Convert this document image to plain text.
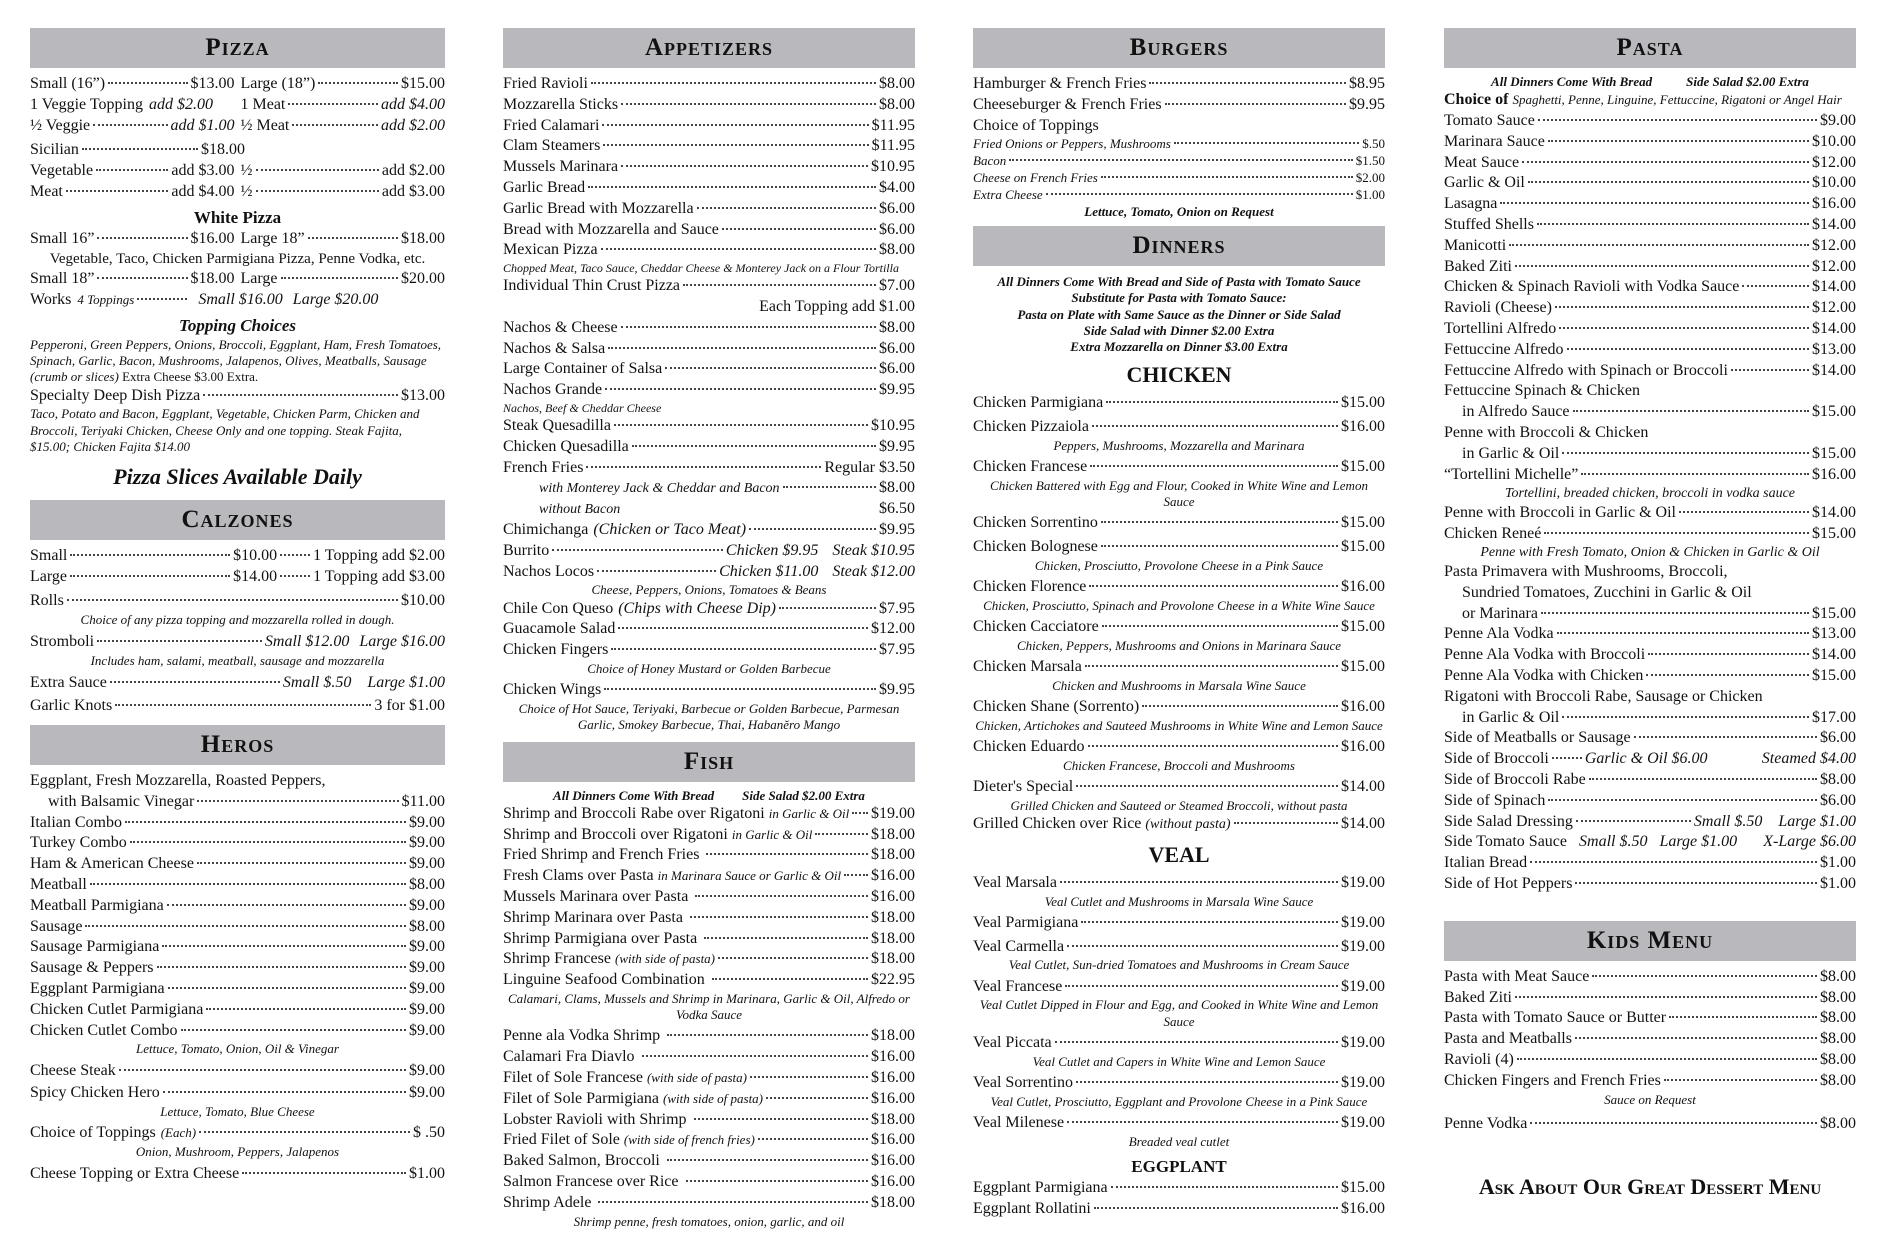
Pizza
Small (16”)	$13.00 Large (18”)	$15.00
1 Veggie Topping add $2.00 1 Meat	add $4.00
½ Veggie	add $1.00 ½ Meat	add $2.00
Sicilian	$18.00
Vegetable	add $3.00 ½	add $2.00
Meat	add $4.00 ½	add $3.00
White Pizza
Small 16”	$16.00 Large 18”	$18.00
Vegetable, Taco, Chicken Parmigiana Pizza, Penne Vodka, etc.
Small 18”	$18.00 Large	$20.00
Works 4 Toppings	Small $16.00 Large $20.00
Topping Choices
Pepperoni, Green Peppers, Onions, Broccoli, Eggplant, Ham, Fresh Tomatoes, Spinach, Garlic, Bacon, Mushrooms, Jalapenos, Olives, Meatballs, Sausage (crumb or slices) Extra Cheese $3.00 Extra.
Specialty Deep Dish Pizza	$13.00
Taco, Potato and Bacon, Eggplant, Vegetable, Chicken Parm, Chicken and Broccoli, Teriyaki Chicken, Cheese Only and one topping. Steak Fajita, $15.00; Chicken Fajita $14.00
Pizza Slices Available Daily
Calzones
Small	$10.00 1 Topping add $2.00
Large	$14.00 1 Topping add $3.00
Rolls	$10.00
Choice of any pizza topping and mozzarella rolled in dough.
Stromboli	Small $12.00 Large $16.00
Includes ham, salami, meatball, sausage and mozzarella
Extra Sauce	Small $.50 Large $1.00
Garlic Knots	3 for $1.00
Heros
Eggplant, Fresh Mozzarella, Roasted Peppers,
with Balsamic Vinegar	$11.00
Italian Combo	$9.00
Turkey Combo	$9.00
Ham & American Cheese	$9.00
Meatball	$8.00
Meatball Parmigiana	$9.00
Sausage	$8.00
Sausage Parmigiana	$9.00
Sausage & Peppers	$9.00
Eggplant Parmigiana	$9.00
Chicken Cutlet Parmigiana	$9.00
Chicken Cutlet Combo	$9.00
Lettuce, Tomato, Onion, Oil & Vinegar
Cheese Steak	$9.00
Spicy Chicken Hero	$9.00
Lettuce, Tomato, Blue Cheese
Choice of Toppings (Each)	$ .50
Onion, Mushroom, Peppers, Jalapenos
Cheese Topping or Extra Cheese	$1.00
Appetizers
Fried Ravioli	$8.00
Mozzarella Sticks	$8.00
Fried Calamari	$11.95
Clam Steamers	$11.95
Mussels Marinara	$10.95
Garlic Bread	$4.00
Garlic Bread with Mozzarella	$6.00
Bread with Mozzarella and Sauce	$6.00
Mexican Pizza	$8.00
Chopped Meat, Taco Sauce, Cheddar Cheese & Monterey Jack on a Flour Tortilla
Individual Thin Crust Pizza	$7.00
Each Topping add $1.00
Nachos & Cheese	$8.00
Nachos & Salsa	$6.00
Large Container of Salsa	$6.00
Nachos Grande	$9.95
Nachos, Beef & Cheddar Cheese
Steak Quesadilla	$10.95
Chicken Quesadilla	$9.95
French Fries	Regular $3.50
with Monterey Jack & Cheddar and Bacon	$8.00
without Bacon	$6.50
Chimichanga (Chicken or Taco Meat)	$9.95
Burrito	Chicken $9.95 Steak $10.95
Nachos Locos	Chicken $11.00 Steak $12.00
Cheese, Peppers, Onions, Tomatoes & Beans
Chile Con Queso (Chips with Cheese Dip)	$7.95
Guacamole Salad	$12.00
Chicken Fingers	$7.95
Choice of Honey Mustard or Golden Barbecue
Chicken Wings	$9.95
Choice of Hot Sauce, Teriyaki, Barbecue or Golden Barbecue, Parmesan Garlic, Smokey Barbecue, Thai, Habanĕro Mango
Fish
All Dinners Come With Bread Side Salad $2.00 Extra
Shrimp and Broccoli Rabe over Rigatoni in Garlic & Oil $19.00
Shrimp and Broccoli over Rigatoni in Garlic & Oil	$18.00
Fried Shrimp and French Fries	$18.00
Fresh Clams over Pasta in Marinara Sauce or Garlic & Oil $16.00
Mussels Marinara over Pasta	$16.00
Shrimp Marinara over Pasta	$18.00
Shrimp Parmigiana over Pasta	$18.00
Shrimp Francese (with side of pasta)	$18.00
Linguine Seafood Combination	$22.95
Calamari, Clams, Mussels and Shrimp in Marinara, Garlic & Oil, Alfredo or Vodka Sauce
Penne ala Vodka Shrimp	$18.00
Calamari Fra Diavlo	$16.00
Filet of Sole Francese (with side of pasta)	$16.00
Filet of Sole Parmigiana (with side of pasta)	$16.00
Lobster Ravioli with Shrimp	$18.00
Fried Filet of Sole (with side of french fries)	$16.00
Baked Salmon, Broccoli	$16.00
Salmon Francese over Rice	$16.00
Shrimp Adele	$18.00
Shrimp penne, fresh tomatoes, onion, garlic, and oil
Burgers
Hamburger & French Fries	$8.95
Cheeseburger & French Fries	$9.95
Choice of Toppings
Fried Onions or Peppers, Mushrooms	$.50
Bacon	$1.50
Cheese on French Fries	$2.00
Extra Cheese	$1.00
Lettuce, Tomato, Onion on Request
Dinners
All Dinners Come With Bread and Side of Pasta with Tomato Sauce
Substitute for Pasta with Tomato Sauce:
Pasta on Plate with Same Sauce as the Dinner or Side Salad
Side Salad with Dinner $2.00 Extra
Extra Mozzarella on Dinner $3.00 Extra
CHICKEN
Chicken Parmigiana	$15.00
Chicken Pizzaiola	$16.00
Peppers, Mushrooms, Mozzarella and Marinara
Chicken Francese	$15.00
Chicken Battered with Egg and Flour, Cooked in White Wine and Lemon Sauce
Chicken Sorrentino	$15.00
Chicken Bolognese	$15.00
Chicken, Prosciutto, Provolone Cheese in a Pink Sauce
Chicken Florence	$16.00
Chicken, Prosciutto, Spinach and Provolone Cheese in a White Wine Sauce
Chicken Cacciatore	$15.00
Chicken, Peppers, Mushrooms and Onions in Marinara Sauce
Chicken Marsala	$15.00
Chicken and Mushrooms in Marsala Wine Sauce
Chicken Shane (Sorrento)	$16.00
Chicken, Artichokes and Sauteed Mushrooms in White Wine and Lemon Sauce
Chicken Eduardo	$16.00
Chicken Francese, Broccoli and Mushrooms
Dieter's Special	$14.00
Grilled Chicken and Sauteed or Steamed Broccoli, without pasta
Grilled Chicken over Rice (without pasta)	$14.00
VEAL
Veal Marsala	$19.00
Veal Cutlet and Mushrooms in Marsala Wine Sauce
Veal Parmigiana	$19.00
Veal Carmella	$19.00
Veal Cutlet, Sun-dried Tomatoes and Mushrooms in Cream Sauce
Veal Francese	$19.00
Veal Cutlet Dipped in Flour and Egg, and Cooked in White Wine and Lemon Sauce
Veal Piccata	$19.00
Veal Cutlet and Capers in White Wine and Lemon Sauce
Veal Sorrentino	$19.00
Veal Cutlet, Prosciutto, Eggplant and Provolone Cheese in a Pink Sauce
Veal Milenese	$19.00
Breaded veal cutlet
EGGPLANT
Eggplant Parmigiana	$15.00
Eggplant Rollatini	$16.00
Pasta
All Dinners Come With Bread	Side Salad $2.00 Extra
Choice of Spaghetti, Penne, Linguine, Fettuccine, Rigatoni or Angel Hair
Tomato Sauce	$9.00
Marinara Sauce	$10.00
Meat Sauce	$12.00
Garlic & Oil	$10.00
Lasagna	$16.00
Stuffed Shells	$14.00
Manicotti	$12.00
Baked Ziti	$12.00
Chicken & Spinach Ravioli with Vodka Sauce	$14.00
Ravioli (Cheese)	$12.00
Tortellini Alfredo	$14.00
Fettuccine Alfredo	$13.00
Fettuccine Alfredo with Spinach or Broccoli	$14.00
Fettuccine Spinach & Chicken
in Alfredo Sauce	$15.00
Penne with Broccoli & Chicken
in Garlic & Oil	$15.00
“Tortellini Michelle”	$16.00
Tortellini, breaded chicken, broccoli in vodka sauce
Penne with Broccoli in Garlic & Oil	$14.00
Chicken Reneé	$15.00
Penne with Fresh Tomato, Onion & Chicken in Garlic & Oil
Pasta Primavera with Mushrooms, Broccoli,
Sundried Tomatoes, Zucchini in Garlic & Oil
or Marinara	$15.00
Penne Ala Vodka	$13.00
Penne Ala Vodka with Broccoli	$14.00
Penne Ala Vodka with Chicken	$15.00
Rigatoni with Broccoli Rabe, Sausage or Chicken
in Garlic & Oil	$17.00
Side of Meatballs or Sausage	$6.00
Side of Broccoli Garlic & Oil $6.00	Steamed $4.00
Side of Broccoli Rabe	$8.00
Side of Spinach	$6.00
Side Salad Dressing	Small $.50 Large $1.00
Side Tomato Sauce Small $.50 Large $1.00 X-Large $6.00
Italian Bread	$1.00
Side of Hot Peppers	$1.00
Kids Menu
Pasta with Meat Sauce	$8.00
Baked Ziti	$8.00
Pasta with Tomato Sauce or Butter	$8.00
Pasta and Meatballs	$8.00
Ravioli (4)	$8.00
Chicken Fingers and French Fries	$8.00
Sauce on Request
Penne Vodka	$8.00
Ask About Our Great Dessert Menu
